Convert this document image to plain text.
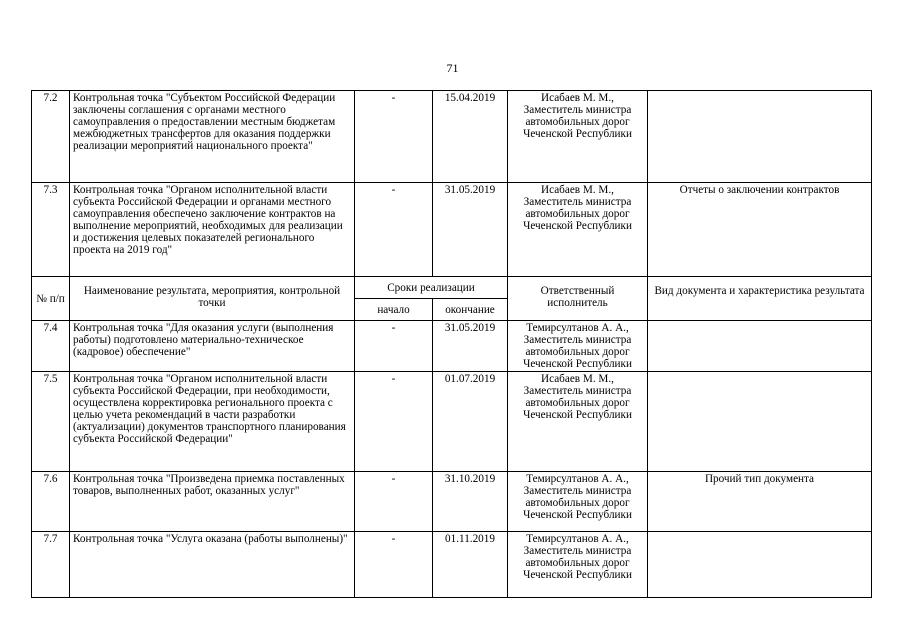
71
7.2	Контрольная точка "Субъектом Российской Федерации заключены соглашения с органами местного самоуправления о предоставлении местным бюджетам межбюджетных трансфертов для оказания поддержки реализации мероприятий национального проекта"	-	15.04.2019	Исабаев М. М., Заместитель министра автомобильных дорог Чеченской Республики	
7.3	Контрольная точка "Органом исполнительной власти субъекта Российской Федерации и органами местного самоуправления обеспечено заключение контрактов на выполнение мероприятий, необходимых для реализации и достижения целевых показателей регионального проекта на 2019 год"	-	31.05.2019	Исабаев М. М., Заместитель министра автомобильных дорог Чеченской Республики	Отчеты о заключении контрактов
№ п/п	Наименование результата, мероприятия, контрольной точки	Сроки реализации		Ответственный исполнитель	Вид документа и характеристика результата
		начало	окончание		
7.4	Контрольная точка "Для оказания услуги (выполнения работы) подготовлено материально-техническое (кадровое) обеспечение"	-	31.05.2019	Темирсултанов А. А., Заместитель министра автомобильных дорог Чеченской Республики	
7.5	Контрольная точка "Органом исполнительной власти субъекта Российской Федерации, при необходимости, осуществлена корректировка регионального проекта с целью учета рекомендаций в части разработки (актуализации) документов транспортного планирования субъекта Российской Федерации"	-	01.07.2019	Исабаев М. М., Заместитель министра автомобильных дорог Чеченской Республики	
7.6	Контрольная точка "Произведена приемка поставленных товаров, выполненных работ, оказанных услуг"	-	31.10.2019	Темирсултанов А. А., Заместитель министра автомобильных дорог Чеченской Республики	Прочий тип документа
7.7	Контрольная точка "Услуга оказана (работы выполнены)"	-	01.11.2019	Темирсултанов А. А., Заместитель министра автомобильных дорог Чеченской Республики	
